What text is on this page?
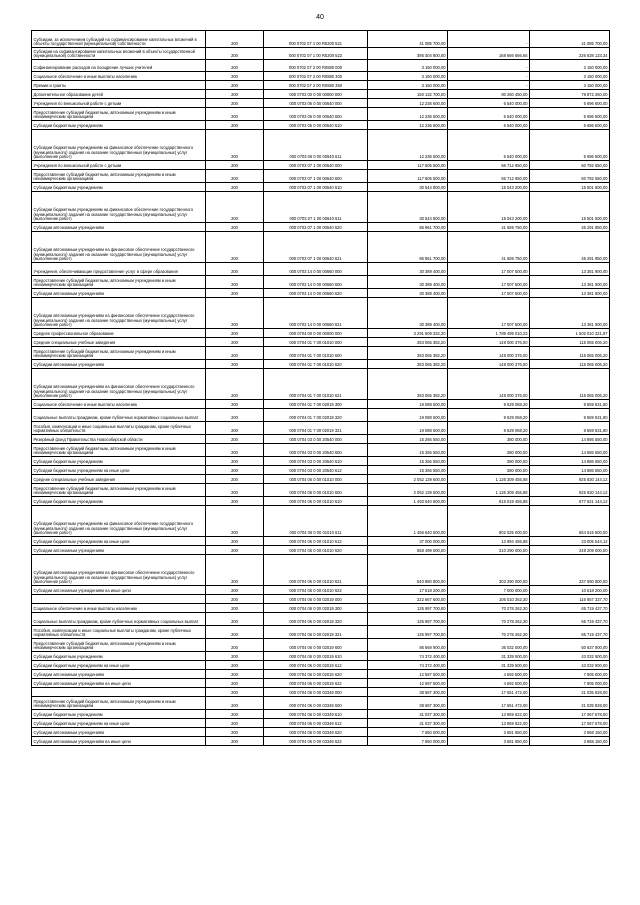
40
Субсидии, за исключением субсидий на софинансирование капитальных вложений в объекты государственной (муниципальной) собственности	200	000 0702 07 1 00 R5200 521	41 085 700,00	-	41 085 700,00
Субсидии на софинансирование капитальных вложений в объекты государственной (муниципальной) собственности	200	000 0702 07 1 00 R5200 522	395 304 800,00	168 666 666,66	226 638 133,34
Софинансирование расходов на поощрение лучших учителей	200	000 0702 07 2 00 R0880 000	3 150 000,00	-	3 150 000,00
Социальное обеспечение и иные выплаты населению	200	000 0702 07 2 00 R0880 300	3 150 000,00	-	3 150 000,00
Премии и гранты	200	000 0702 07 2 00 R0880 350	3 150 000,00	-	3 150 000,00
Дополнительное образование детей	200	000 0703 00 0 00 00000 000	150 132 700,00	80 260 450,00	79 872 250,00
Учреждения по внешкольной работе с детьми	200	000 0703 06 0 00 00640 000	12 236 600,00	6 540 000,00	5 696 600,00
Предоставление субсидий бюджетным, автономным учреждениям и иным некоммерческим организациям	200	000 0703 06 0 00 00640 600	12 236 600,00	6 540 000,00	5 696 600,00
Субсидии бюджетным учреждениям	200	000 0703 06 0 00 00640 610	12 236 600,00	6 540 000,00	5 696 600,00
Субсидии бюджетным учреждениям на финансовое обеспечение государственного (муниципального) задания на оказание государственных (муниципальных) услуг (выполнение работ)	200	000 0703 06 0 00 00640 611	12 236 600,00	6 540 000,00	5 696 600,00
Учреждения по внешкольной работе с детьми	200	000 0703 07 1 00 00640 000	117 505 500,00	56 712 950,00	60 792 550,00
Предоставление субсидий бюджетным, автономным учреждениям и иным некоммерческим организациям	200	000 0703 07 1 00 00640 600	117 505 500,00	56 712 950,00	60 792 550,00
Субсидии бюджетным учреждениям	200	000 0703 07 1 00 00640 610	30 544 800,00	15 043 200,00	15 501 600,00
Субсидии бюджетным учреждениям на финансовое обеспечение государственного (муниципального) задания на оказание государственных (муниципальных) услуг (выполнение работ)	200	000 0703 07 1 00 00640 611	30 544 800,00	15 043 200,00	15 501 600,00
Субсидии автономным учреждениям	200	000 0703 07 1 00 00640 620	86 961 700,00	41 669 750,00	45 291 950,00
Субсидии автономным учреждениям на финансовое обеспечение государственного (муниципального) задания на оказание государственных (муниципальных) услуг (выполнение работ)	200	000 0703 07 1 00 00640 621	86 961 700,00	41 669 750,00	45 291 950,00
Учреждения, обеспечивающие предоставление услуг в сфере образования	200	000 0703 14 0 00 00660 000	30 389 400,00	17 007 500,00	13 381 900,00
Предоставление субсидий бюджетным, автономным учреждениям и иным некоммерческим организациям	200	000 0703 14 0 00 00660 600	30 389 400,00	17 007 500,00	13 381 900,00
Субсидии автономным учреждениям	200	000 0703 14 0 00 00660 620	30 389 400,00	17 007 500,00	13 381 900,00
Субсидии автономным учреждениям на финансовое обеспечение государственного (муниципального) задания на оказание государственных (муниципальных) услуг (выполнение работ)	200	000 0703 14 0 00 00660 621	30 389 400,00	17 007 500,00	13 381 900,00
Среднее профессиональное образование	200	000 0704 00 0 00 00000 000	3 291 509 332,20	1 789 499 010,23	1 502 010 321,97
Средние специальные учебные заведения	200	000 0704 01 7 00 01010 000	283 065 382,20	148 000 376,00	115 065 006,20
Предоставление субсидий бюджетным, автономным учреждениям и иным некоммерческим организациям	200	000 0704 01 7 00 01010 600	283 065 382,20	148 000 376,00	115 065 006,20
Субсидии автономным учреждениям	200	000 0704 01 7 00 01010 620	283 065 382,20	148 000 376,00	115 065 006,20
Субсидии автономным учреждениям на финансовое обеспечение государственного (муниципального) задания на оказание государственных (муниципальных) услуг (выполнение работ)	200	000 0704 01 7 00 01010 621	283 065 382,20	148 000 376,00	115 065 006,20
Социальное обеспечение и иные выплаты населению	200	000 0704 01 7 00 02019 300	19 088 600,00	9 529 068,20	9 559 531,80
Социальные выплаты гражданам, кроме публичных нормативных социальных выплат	200	000 0704 01 7 00 02019 320	19 088 600,00	9 529 068,20	9 559 531,80
Пособия, компенсации и иные социальные выплаты гражданам, кроме публичных нормативных обязательств	200	000 0704 01 7 00 02019 321	19 088 600,00	9 529 068,20	9 559 531,80
Резервный фонд Правительства Новосибирской области	200	000 0704 03 0 00 20540 000	15 266 550,00	380 000,00	14 886 550,00
Предоставление субсидий бюджетным, автономным учреждениям и иным некоммерческим организациям	200	000 0704 03 0 00 20540 600	15 266 550,00	380 000,00	14 886 550,00
Субсидии бюджетным учреждениям	200	000 0704 03 0 00 20540 610	15 266 550,00	380 000,00	14 886 550,00
Субсидии бюджетным учреждениям на иные цели	200	000 0704 03 0 00 20540 612	15 266 550,00	380 000,00	14 886 550,00
Средние специальные учебные заведения	200	000 0704 06 0 00 01010 000	2 052 139 600,00	1 126 309 455,88	925 830 144,12
Предоставление субсидий бюджетным, автономным учреждениям и иным некоммерческим организациям	200	000 0704 06 0 00 01010 600	2 052 139 600,00	1 126 309 455,88	925 830 144,12
Субсидии бюджетным учреждениям	200	000 0704 06 0 00 01010 610	1 493 640 600,00	816 019 455,88	677 621 144,12
Субсидии бюджетным учреждениям на финансовое обеспечение государственного (муниципального) задания на оказание государственных (муниципальных) услуг (выполнение работ)	200	000 0704 06 0 00 01010 611	1 456 640 600,00	802 025 000,00	654 615 600,00
Субсидии бюджетным учреждениям на иные цели	200	000 0704 06 0 00 01010 612	37 000 000,00	13 994 455,88	23 005 544,12
Субсидии автономным учреждениям	200	000 0704 06 0 00 01010 620	558 499 000,00	310 290 000,00	248 209 000,00
Субсидии автономным учреждениям на финансовое обеспечение государственного (муниципального) задания на оказание государственных (муниципальных) услуг (выполнение работ)	200	000 0704 06 0 00 01010 621	540 880 800,00	303 290 000,00	237 590 800,00
Субсидии автономным учреждениям на иные цели	200	000 0704 06 0 00 01010 622	17 618 200,00	7 000 000,00	10 618 200,00
	200	000 0704 06 0 00 02019 000	222 667 600,00	106 010 262,30	116 657 337,70
Социальное обеспечение и иные выплаты населению	200	000 0704 06 0 00 02019 300	135 997 700,00	70 278 262,30	65 719 437,70
Социальные выплаты гражданам, кроме публичных нормативных социальных выплат	200	000 0704 06 0 00 02019 320	135 997 700,00	70 278 262,30	65 719 437,70
Пособия, компенсации и иные социальные выплаты гражданам, кроме публичных нормативных обязательств	200	000 0704 06 0 00 02019 321	135 997 700,00	70 278 262,30	65 719 437,70
Предоставление субсидий бюджетным, автономным учреждениям и иным некоммерческим организациям	200	000 0704 06 0 00 02019 600	86 669 900,00	36 032 000,00	50 637 900,00
Субсидии бюджетным учреждениям	200	000 0704 06 0 00 02019 610	74 372 400,00	31 339 500,00	43 032 900,00
Субсидии бюджетным учреждениям на иные цели	200	000 0704 06 0 00 02019 612	74 372 400,00	31 339 500,00	43 032 900,00
Субсидии автономным учреждениям	200	000 0704 06 0 00 02019 620	12 597 500,00	4 692 500,00	7 905 000,00
Субсидии автономным учреждениям на иные цели	200	000 0704 06 0 00 02019 622	12 597 500,00	4 692 500,00	7 905 000,00
	200	000 0704 06 0 00 03349 000	38 687 300,00	17 651 472,00	21 035 828,00
Предоставление субсидий бюджетным, автономным учреждениям и иным некоммерческим организациям	200	000 0704 06 0 00 03349 600	38 687 300,00	17 651 472,00	21 035 828,00
Субсидии бюджетным учреждениям	200	000 0704 06 0 00 03349 610	31 037 300,00	13 969 622,00	17 067 678,00
Субсидии бюджетным учреждениям на иные цели	200	000 0704 06 0 00 03349 612	31 037 300,00	13 969 622,00	17 067 678,00
Субсидии автономным учреждениям	200	000 0704 06 0 00 03349 620	7 650 000,00	3 681 850,00	3 968 150,00
Субсидии автономным учреждениям на иные цели	200	000 0704 06 0 00 03349 622	7 650 000,00	3 681 850,00	3 968 150,00
